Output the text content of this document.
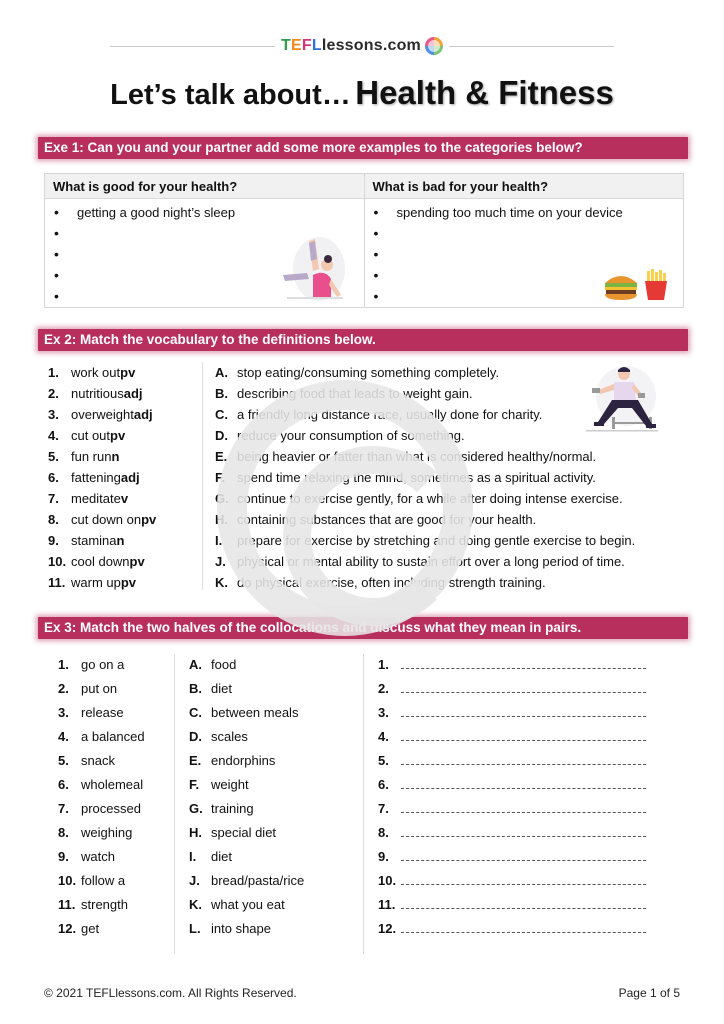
T E F L lessons.com
Let’s talk about… Health & Fitness
Exe 1: Can you and your partner add some more examples to the categories below?
What is good for your health?
• getting a good night’s sleep
•
•
•
•
What is bad for your health?
• spending too much time on your device
•
•
•
•
Ex 2: Match the vocabulary to the definitions below.
1. work out pv
2. nutritious adj
3. overweight adj
4. cut out pv
5. fun run n
6. fattening adj
7. meditate v
8. cut down on pv
9. stamina n
10. cool down pv
11. warm up pv
A. stop eating/consuming something completely.
B. describing food that leads to weight gain.
C. a friendly long distance race, usually done for charity.
D. reduce your consumption of something.
E. being heavier or fatter than what is considered healthy/normal.
F. spend time relaxing the mind, sometimes as a spiritual activity.
G. continue to exercise gently, for a while after doing intense exercise.
H. containing substances that are good for your health.
I.	prepare for exercise by stretching and doing gentle exercise to begin.
J. physical or mental ability to sustain effort over a long period of time.
K. do physical exercise, often including strength training.
Ex 3: Match the two halves of the collocations and discuss what they mean in pairs.
1. go on a
2. put on
3. release
4. a balanced
5. snack
6. wholemeal
7. processed
8. weighing
9. watch
10. follow a
11. strength
12. get
A. food
B. diet
C. between meals
D. scales
E. endorphins
F. weight
G. training
H. special diet
I.	diet
J. bread/pasta/rice
K. what you eat
L. into shape
1.
2.
3.
4.
5.
6.
7.
8.
9.
10.
11.
12.
© 2021 TEFLlessons.com. All Rights Reserved.	Page 1 of 5
